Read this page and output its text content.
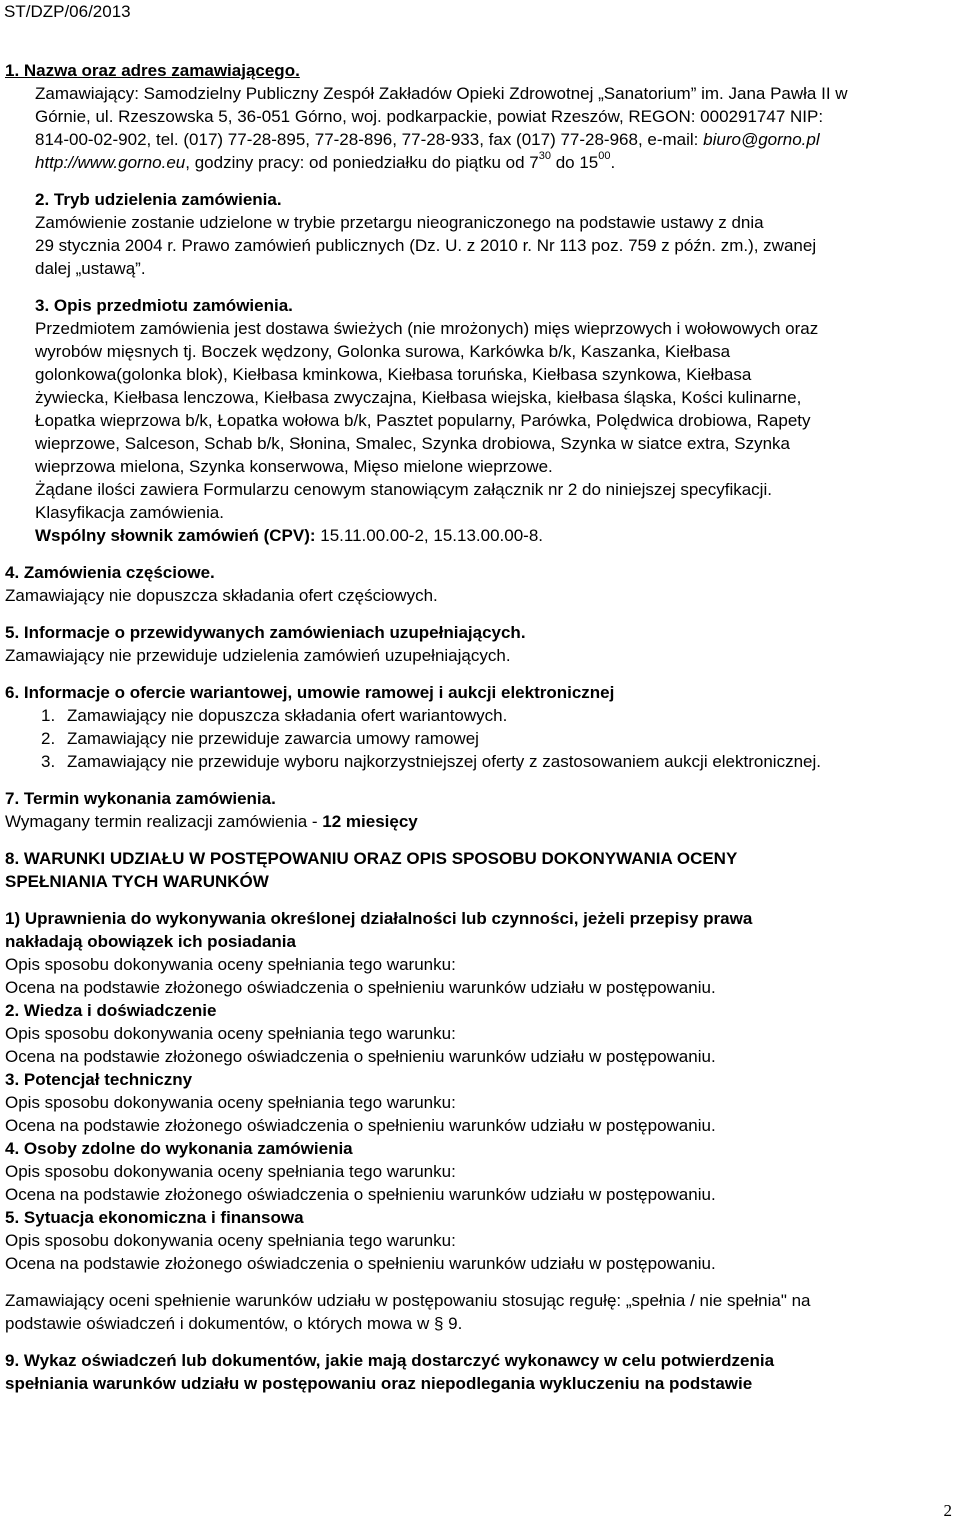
ST/DZP/06/2013
1. Nazwa oraz adres zamawiającego.
Zamawiający: Samodzielny Publiczny Zespół Zakładów Opieki Zdrowotnej „Sanatorium” im. Jana Pawła II w
Górnie, ul. Rzeszowska 5, 36-051 Górno, woj. podkarpackie, powiat Rzeszów, REGON: 000291747 NIP:
814-00-02-902, tel. (017) 77-28-895, 77-28-896, 77-28-933, fax (017) 77-28-968, e-mail: biuro@gorno.pl
http://www.gorno.eu, godziny pracy: od poniedziałku do piątku od $7^{30}$ do $15^{00}$.
2. Tryb udzielenia zamówienia.
Zamówienie zostanie udzielone w trybie przetargu nieograniczonego na podstawie ustawy z dnia
29 stycznia 2004 r. Prawo zamówień publicznych (Dz. U. z 2010 r. Nr 113 poz. 759 z późn. zm.), zwanej
dalej „ustawą”.
3. Opis przedmiotu zamówienia.
Przedmiotem zamówienia jest dostawa świeżych (nie mrożonych) mięs wieprzowych i wołowowych oraz
wyrobów mięsnych tj. Boczek wędzony, Golonka surowa, Karkówka b/k, Kaszanka, Kiełbasa
golonkowa(golonka blok), Kiełbasa kminkowa, Kiełbasa toruńska, Kiełbasa szynkowa, Kiełbasa
żywiecka, Kiełbasa lenczowa, Kiełbasa zwyczajna, Kiełbasa wiejska, kiełbasa śląska, Kości kulinarne,
Łopatka wieprzowa b/k, Łopatka wołowa b/k, Pasztet popularny, Parówka, Polędwica drobiowa, Rapety
wieprzowe, Salceson, Schab b/k, Słonina, Smalec, Szynka drobiowa, Szynka w siatce extra, Szynka
wieprzowa mielona, Szynka konserwowa, Mięso mielone wieprzowe.
Żądane ilości zawiera Formularzu cenowym stanowiącym załącznik nr 2 do niniejszej specyfikacji.
Klasyfikacja zamówienia.
Wspólny słownik zamówień (CPV): 15.11.00.00-2, 15.13.00.00-8.
4. Zamówienia częściowe.
Zamawiający nie dopuszcza składania ofert częściowych.
5. Informacje o przewidywanych zamówieniach uzupełniających.
Zamawiający nie przewiduje udzielenia zamówień uzupełniających.
6. Informacje o ofercie wariantowej, umowie ramowej i aukcji elektronicznej
1. Zamawiający nie dopuszcza składania ofert wariantowych.
2. Zamawiający nie przewiduje zawarcia umowy ramowej
3. Zamawiający nie przewiduje wyboru najkorzystniejszej oferty z zastosowaniem aukcji elektronicznej.
7. Termin wykonania zamówienia.
Wymagany termin realizacji zamówienia - 12 miesięcy
8. WARUNKI UDZIAŁU W POSTĘPOWANIU ORAZ OPIS SPOSOBU DOKONYWANIA OCENY
SPEŁNIANIA TYCH WARUNKÓW
1) Uprawnienia do wykonywania określonej działalności lub czynności, jeżeli przepisy prawa
nakładają obowiązek ich posiadania
Opis sposobu dokonywania oceny spełniania tego warunku:
Ocena na podstawie złożonego oświadczenia o spełnieniu warunków udziału w postępowaniu.
2. Wiedza i doświadczenie
Opis sposobu dokonywania oceny spełniania tego warunku:
Ocena na podstawie złożonego oświadczenia o spełnieniu warunków udziału w postępowaniu.
3. Potencjał techniczny
Opis sposobu dokonywania oceny spełniania tego warunku:
Ocena na podstawie złożonego oświadczenia o spełnieniu warunków udziału w postępowaniu.
4. Osoby zdolne do wykonania zamówienia
Opis sposobu dokonywania oceny spełniania tego warunku:
Ocena na podstawie złożonego oświadczenia o spełnieniu warunków udziału w postępowaniu.
5. Sytuacja ekonomiczna i finansowa
Opis sposobu dokonywania oceny spełniania tego warunku:
Ocena na podstawie złożonego oświadczenia o spełnieniu warunków udziału w postępowaniu.
Zamawiający oceni spełnienie warunków udziału w postępowaniu stosując regułę: „spełnia / nie spełnia" na
podstawie oświadczeń i dokumentów, o których mowa w § 9.
9. Wykaz oświadczeń lub dokumentów, jakie mają dostarczyć wykonawcy w celu potwierdzenia
spełniania warunków udziału w postępowaniu oraz niepodlegania wykluczeniu na podstawie
2
